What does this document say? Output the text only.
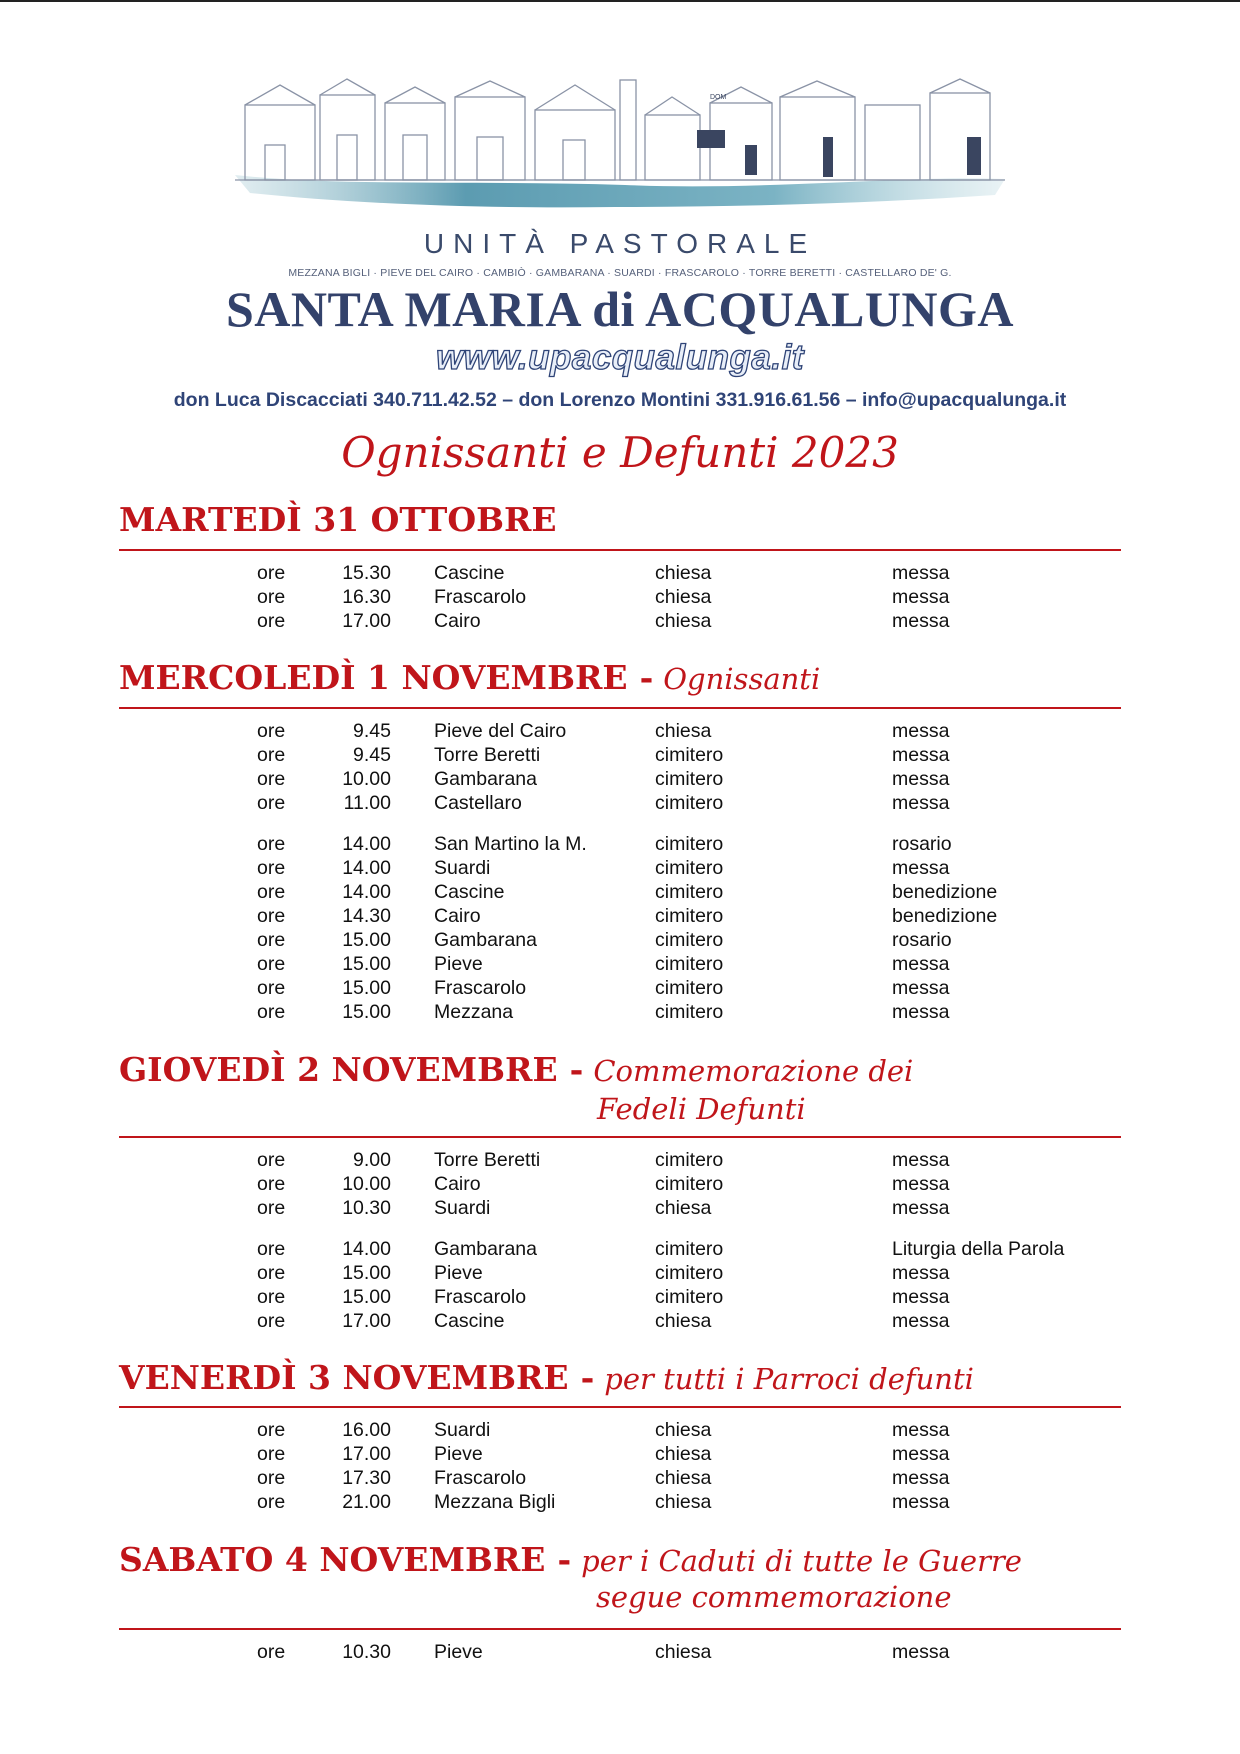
DOM
UNITÀ PASTORALE
MEZZANA BIGLI · PIEVE DEL CAIRO · CAMBIÒ · GAMBARANA · SUARDI · FRASCAROLO · TORRE BERETTI · CASTELLARO DE' G.
SANTA MARIA di ACQUALUNGA
www.upacqualunga.it
don Luca Discacciati 340.711.42.52 – don Lorenzo Montini 331.916.61.56 – info@upacqualunga.it
Ognissanti e Defunti 2023
MARTEDÌ 31 OTTOBRE
ore	15.30 Cascine	chiesa	messa
ore	16.30 Frascarolo	chiesa	messa
ore	17.00 Cairo	chiesa	messa
MERCOLEDÌ 1 NOVEMBRE - Ognissanti
ore	9.45 Pieve del Cairo	chiesa	messa
ore	9.45 Torre Beretti	cimitero	messa
ore	10.00 Gambarana	cimitero	messa
ore	11.00 Castellaro	cimitero	messa
ore	14.00 San Martino la M.	cimitero	rosario
ore	14.00 Suardi	cimitero	messa
ore	14.00 Cascine	cimitero	benedizione
ore	14.30 Cairo	cimitero	benedizione
ore	15.00 Gambarana	cimitero	rosario
ore	15.00 Pieve	cimitero	messa
ore	15.00 Frascarolo	cimitero	messa
ore	15.00 Mezzana	cimitero	messa
GIOVEDÌ 2 NOVEMBRE - Commemorazione dei
Fedeli Defunti
ore	9.00 Torre Beretti	cimitero	messa
ore	10.00 Cairo	cimitero	messa
ore	10.30 Suardi	chiesa	messa
ore	14.00 Gambarana	cimitero	Liturgia della Parola
ore	15.00 Pieve	cimitero	messa
ore	15.00 Frascarolo	cimitero	messa
ore	17.00 Cascine	chiesa	messa
VENERDÌ 3 NOVEMBRE - per tutti i Parroci defunti
ore	16.00 Suardi	chiesa	messa
ore	17.00 Pieve	chiesa	messa
ore	17.30 Frascarolo	chiesa	messa
ore	21.00 Mezzana Bigli	chiesa	messa
SABATO 4 NOVEMBRE - per i Caduti di tutte le Guerre
segue commemorazione
ore	10.30 Pieve	chiesa	messa
